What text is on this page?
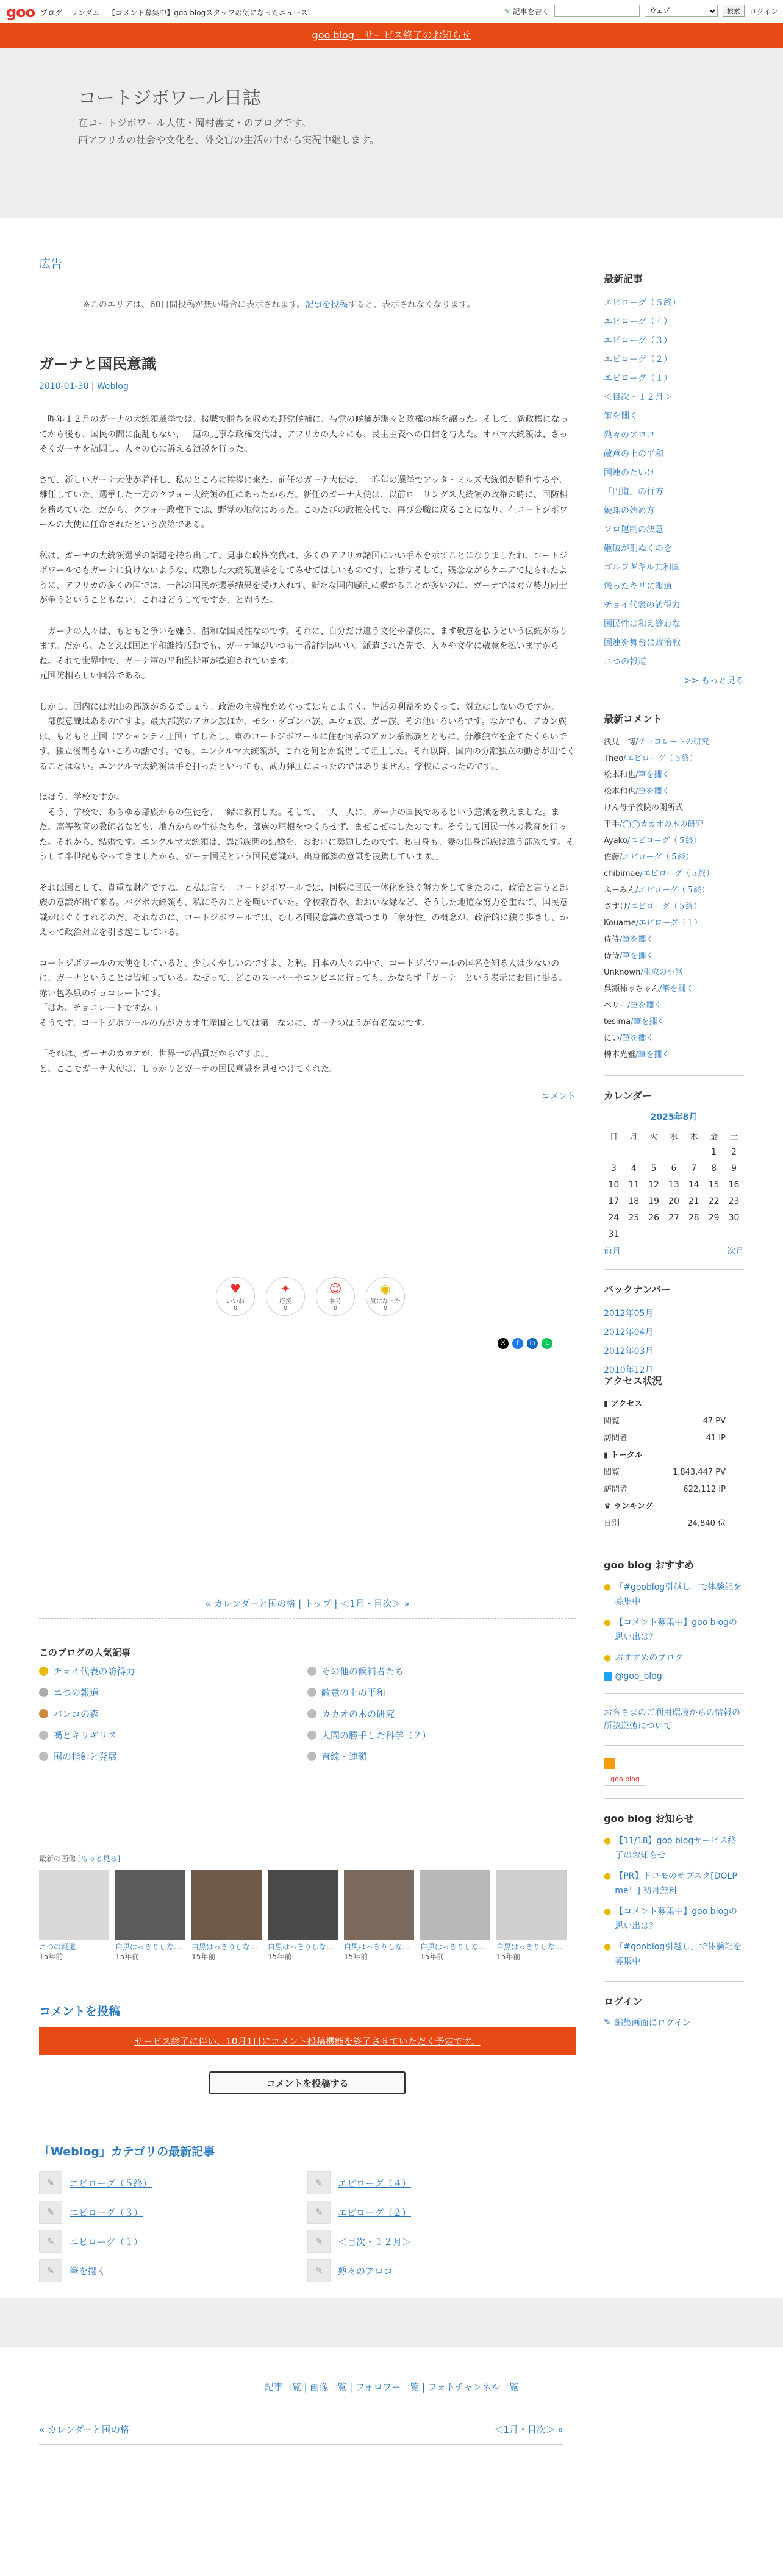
goo ブログ ランダム 【コメント募集中】goo blogスタッフの気になったニュース	✎ 記事を書く
ウェブ	検索	ログイン
goo blog　サービス終了のお知らせ
コートジボワール日誌
在コートジボワール大使・岡村善文・のブログです。
西アフリカの社会や文化を、外交官の生活の中から実況中継します。
広告
※このエリアは、60日間投稿が無い場合に表示されます。記事を投稿すると、表示されなくなります。
ガーナと国民意識
2010-01-30 | Weblog

一昨年１２月のガーナの大統領選挙では、接戦で勝ちを収めた野党候補に、与党の候補が潔々と政権の座を譲った。そして、新政権になってから後も、国民の間に混乱もない、一連の見事な政権交代は、アフリカの人々にも、民主主義への自信を与えた。オバマ大統領は、さっそくガーナを訪問し、人々の心に訴える演説を行った。

さて、新しいガーナ大使が着任し、私のところに挨拶に来た。前任のガーナ大使は、一昨年の選挙でアッタ・ミルズ大統領が勝利するや、離任していた。選挙した一方のクフォー大統領の任にあったからだ。新任のガーナ大使は、以前ロ－リングス大統領の政権の時に、国防相を務めていた。だから、クフォー政権下では、野党の地位にあった。このたびの政権交代で、再び公職に戻ることになり、在コートジボワールの大使に任命されたという次第である。

私は、ガーナの大統領選挙の話題を持ち出して、見事な政権交代は、多くのアフリカ諸国にいい手本を示すことになりましたね、コートジボワールでもガーナに負けないような、成熟した大統領選挙をしてみせてほしいものです、と話すそして、残念ながらケニアで見られたように、アフリカの多くの国では、一部の国民が選挙結果を受け入れず、新たな国内騒乱に繋がることが多いのに、ガーナでは対立勢力同士が争うということもない、これはどうしてですか、と問うた。

「ガーナの人々は、もともと争いを嫌う、温和な国民性なのです。それに、自分だけ違う文化や部族に、まず敬意を払うという伝統があります。だから、たとえば国連平和維持活動でも、ガーナ軍がいつも一番評判がいい。派遣された先で、人々や文化に敬意を払いますからね。それで世界中で、ガーナ軍の平和維持軍が歓迎されています。」

元国防相らしい回答である。

しかし、国内には沢山の部族があるでしょう。政治の主導権をめぐってはもとよりく、生活の利益をめぐって、対立はしないのですか。

「部族意識はあるのですよ。最大部族のアカン族ほか、モシ・ダゴンバ族、エウェ族、ガー族、その他いろいろです。なかでも、アカン族は、もともと王国（アシャンティ王国）でしたし、東のコートジボワールに住む同系のアカン系部族とともに、分離独立を企てたくらいです。独立後間もないころの話です。でも、エンクルマ大統領が、これを何とか説得して阻止した。それ以降、国内の分離独立の動きが出てくることはない。エンクルマ大統領は手を打ったといっても、武力弾圧によったのではありません。学校によったのです。」

ほほう、学校ですか。

「そう、学校で、あらゆる部族からの生徒を、一緒に教育した。そして、一人一人に、ガーナの国民であるという意識を教えました。また、高等教育の教師者なども、地方からの生徒たちを、部族の垣根をつくらせず、まぜこぜにしたのです。そうして国民一体の教育を行った。それから、結婚です。エンクルマ大統領は、異部族間の結婚を、おおいに奨励したのです。私自身も、妻の出身部族は違う部族です。そうして半世紀もやってきましたから、ガーナ国民という国民意識が、出身部族の意識を凌駕しています。」

それは国として、貴重な財産ですね、と私は言う。コートジボワールでは、同様に国民一体化を築く努力をしてきたのに、政治と言うと部族の意識が出て来る。バグボ大統領も、私にそのことを嘆いていた。学校教育や、おおいな縁など、そうした地道な努力を重ねて、国民意識がはぐくまれるのだ。それなのに、コートジボワールでは、むしろ国民意識の意識つまり「象牙性」の概念が、政治的に独り歩きし、かえって政治対立を引き起こしている。

コートジボワールの大使をしていると、少しくやしいのですよ、と私。日本の人々の中で、コートジボワールの国名を知る人は少ないのに、ガーナということは皆知っている。なぜって、どこのスーパーやコンビニに行っても、かならず「ガーナ」という表示にお目に掛る。赤い包み紙のチョコレートです。

「はあ、チョコレートですか。」

そうです、コートジボワールの方がカカオ生産国としては第一なのに、ガーナのほうが有名なのです。

「それは、ガーナのカカオが、世界一の品質だからですよ。」

と、ここでガーナ大使は、しっかりとガーナの国民意識を見せつけてくれた。

コメント
♥
いいね
0
✦
応援
0
☺
参考
0
◉
気になった
0
X	f	in	L
« カレンダーと国の格 | トップ | ＜1月・目次＞ »
このブログの人気記事
チョイ代表の訪得力	その他の候補者たち
ニつの報道	敵意の上の平和
バンコの森	カカオの木の研究
蝸とキリギリス	人間の勝手した科学（２）
国の指針と発展	直線・連鎖
最新の画像 [もっと見る]
ニつの報道
15年前
白黒はっきりしな…
15年前
白黒はっきりしな…
15年前
白黒はっきりしな…
15年前
白黒はっきりしな…
15年前
白黒はっきりしな…
15年前
白黒はっきりしな…
15年前
コメントを投稿
サービス終了に伴い、10月1日にコメント投稿機能を終了させていただく予定です。
コメントを投稿する
「Weblog」カテゴリの最新記事
✎	エピローグ（５終）	✎	エピローグ（４）
✎	エピローグ（３）	✎	エピローグ（２）
✎	エピローグ（１）	✎	＜目次・１２月＞
✎	筆を擱く	✎	熟々のアロコ
記事一覧 | 画像一覧 | フォロワー一覧 | フォトチャンネル一覧
« カレンダーと国の格	＜1月・目次＞ »
最新記事
エピローグ（５終）
エピローグ（４）
エピローグ（３）
エピローグ（２）
エピローグ（１）
＜目次・１２月＞
筆を擱く
熟々のアロコ
敵意の上の平和
国連のたいけ
「円道」の行方
焼却の始め方
ソロ運制の決意
砸破が刑ぬくのを
ゴルフギギル共和国
熾ったキリに報道
チョイ代表の訪得力
国民性は和え縫わな
国連を舞台に政治戦
ニつの報道
>> もっと見る
最新コメント
浅見　博/チョコレートの研究
Theo/エピローグ（５終）
松本和也/筆を擱く
松本和也/筆を擱く
けん母子義院の開所式
平手/◯◯カカオの木の研究
Ayako/エピローグ（５終）
佐藤/エピローグ（５終）
chibimae/エピローグ（５終）
ふーみん/エピローグ（５終）
さすけ/エピローグ（５終）
Kouame/エピローグ（１）
侍侍/筆を擱く
侍侍/筆を擱く
Unknown/生成の小話
呉瀬柿ゃちゃん/筆を擱く
ベリー/筆を擱く
tesima/筆を擱く
にい/筆を擱く
榊本光雅/筆を擱く
カレンダー
2025年8月
日	月	火	水	木	金	土
					1	2
3	4	5	6	7	8	9
10	11	12	13	14	15	16
17	18	19	20	21	22	23
24	25	26	27	28	29	30
31						
前月	次月
バックナンバー
2012年05月
2012年04月
2012年03月
2010年12月
アクセス状況
▮ アクセス
閲覧	47 PV
訪問者	41 IP
▮ トータル
閲覧	1,843,447 PV
訪問者	622,112 IP
♛ ランキング
日別	24,840 位
goo blog おすすめ
● 「#gooblog引越し」で体験記を募集中
● 【コメント募集中】goo blogの思い出は？
● おすすめのブログ
@goo_blog
お客さまのご利用環境からの情報の所認逆強について
goo blog
goo blog お知らせ
● 【11/18】goo blogサービス終了のお知らせ
● 【PR】ドコモのサブスク[DOLP me！] 初月無料
● 【コメント募集中】goo blogの思い出は？
● 「#gooblog引越し」で体験記を募集中
ログイン
✎ 編集画面にログイン
